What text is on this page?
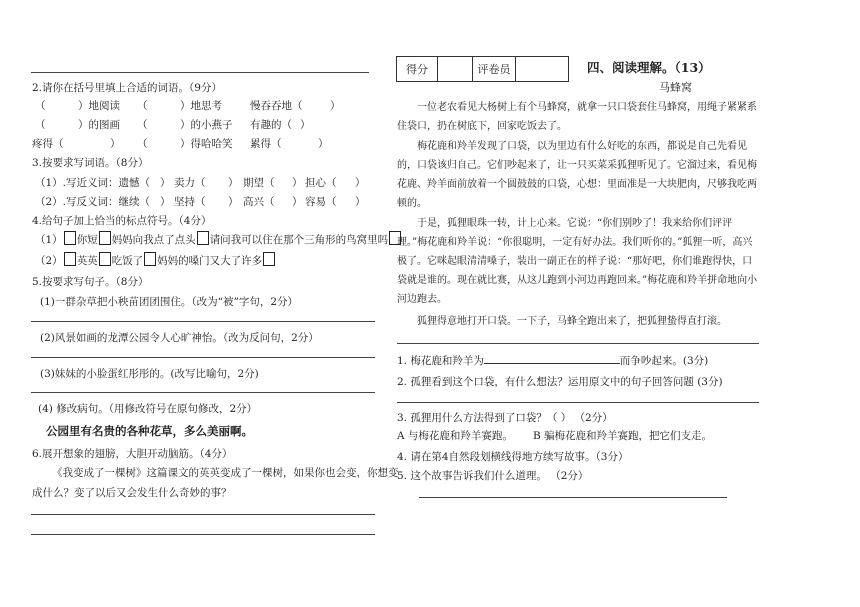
2.请你在括号里填上合适的词语。（9分）
（	）地阅读 （	）地思考	慢吞吞地（	）
（	）的图画 （	）的小燕子 有趣的（ ）
疼得（	） （	）得哈哈笑 累得（	）
3.按要求写词语。（8分）
（1）.写近义词：遗憾（ ） 卖力（ ） 期望（ ） 担心（ ）
（2）.写反义词：继续（ ） 坚持（ ） 高兴（ ） 容易（ ）
4.给句子加上恰当的标点符号。（4分）
（1） 你短 妈妈向我点了点头 请问我可以住在那个三角形的鸟窝里吗
（2） 英英 吃饭了 妈妈的嗓门又大了许多
5.按要求写句子。（8分）
(1)一群杂草把小秧苗团团围住。（改为“被”字句，2分）
(2)风景如画的龙潭公园令人心旷神怡。（改为反问句，2分）
(3)妹妹的小脸蛋红彤彤的。(改写比喻句，2分)
(4) 修改病句。（用修改符号在原句修改，2分）
公园里有名贵的各种花草，多么美丽啊。
6.展开想象的翅膀，大胆开动脑筋。（4分）
《我变成了一棵树》这篇课文的英英变成了一棵树，如果你也会变，你想变
成什么？变了以后又会发生什么奇妙的事？
得分		评卷员		四、阅读理解。（13）
马蜂窝
一位老农看见大杨树上有个马蜂窝，就拿一只口袋套住马蜂窝，用绳子紧紧系住袋口，扔在树底下，回家吃饭去了。
梅花鹿和羚羊发现了口袋，以为里边有什么好吃的东西，都说是自己先看见的，口袋该归自己。它们吵起来了，让一只买菜采狐狸听见了。它溜过来，看见梅花鹿、羚羊面前放着一个圆鼓鼓的口袋，心想：里面准是一大块肥肉，尺够我吃两顿的。
于是，狐狸眼珠一转，计上心来。它说：“你们别吵了！我来给你们评评理。”梅花鹿和羚羊说：“你很聪明，一定有好办法。我们听你的。”狐狸一听，高兴极了。它咪起眼清清嗓子，装出一副正在的样子说：“那好吧，你们谁跑得快，口袋就是谁的。现在就比赛，从这儿跑到小河边再跑回来。”梅花鹿和羚羊拼命地向小河边跑去。
狐狸得意地打开口袋。一下子，马蜂全跑出来了，把狐狸蛰得直打滚。
1. 梅花鹿和羚羊为	而争吵起来。(3分)
2. 孤狸看到这个口袋，有什么想法？运用原文中的句子回答问题 (3分)
3. 孤狸用什么方法得到了口袋？（ ） （2分）
A 与梅花鹿和羚羊赛跑。 B 骗梅花鹿和羚羊赛跑，把它们支走。
4. 请在第4自然段划横线得地方续写故事。（3分）
5. 这个故事告诉我们什么道理。 （2分）
